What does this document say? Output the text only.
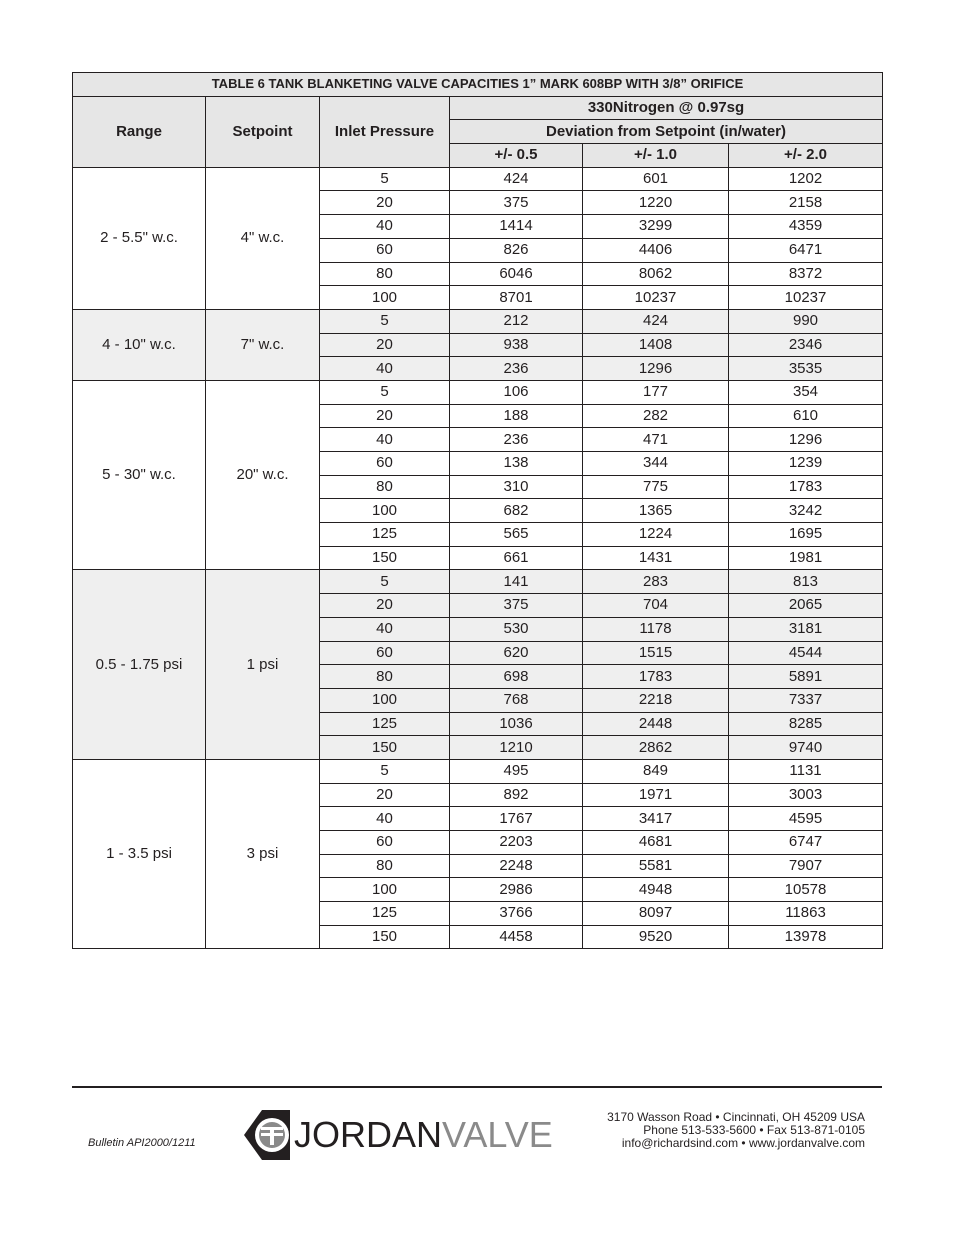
TABLE 6 TANK BLANKETING VALVE CAPACITIES 1” MARK 608BP WITH 3/8” ORIFICE					
Range	Setpoint	Inlet Pressure	330Nitrogen @ 0.97sg		
			Deviation from Setpoint (in/water)		
			+/- 0.5	+/- 1.0	+/- 2.0
2 - 5.5" w.c.	4" w.c.	5	424	601	1202
		20	375	1220	2158
		40	1414	3299	4359
		60	826	4406	6471
		80	6046	8062	8372
		100	8701	10237	10237
4 - 10" w.c.	7" w.c.	5	212	424	990
		20	938	1408	2346
		40	236	1296	3535
5 - 30" w.c.	20" w.c.	5	106	177	354
		20	188	282	610
		40	236	471	1296
		60	138	344	1239
		80	310	775	1783
		100	682	1365	3242
		125	565	1224	1695
		150	661	1431	1981
0.5 - 1.75 psi	1 psi	5	141	283	813
		20	375	704	2065
		40	530	1178	3181
		60	620	1515	4544
		80	698	1783	5891
		100	768	2218	7337
		125	1036	2448	8285
		150	1210	2862	9740
1 - 3.5 psi	3 psi	5	495	849	1131
		20	892	1971	3003
		40	1767	3417	4595
		60	2203	4681	6747
		80	2248	5581	7907
		100	2986	4948	10578
		125	3766	8097	11863
		150	4458	9520	13978
Bulletin API2000/1211	JORDANVALVE	3170 Wasson Road • Cincinnati, OH 45209 USA
Phone 513-533-5600 • Fax 513-871-0105
info@richardsind.com • www.jordanvalve.com
